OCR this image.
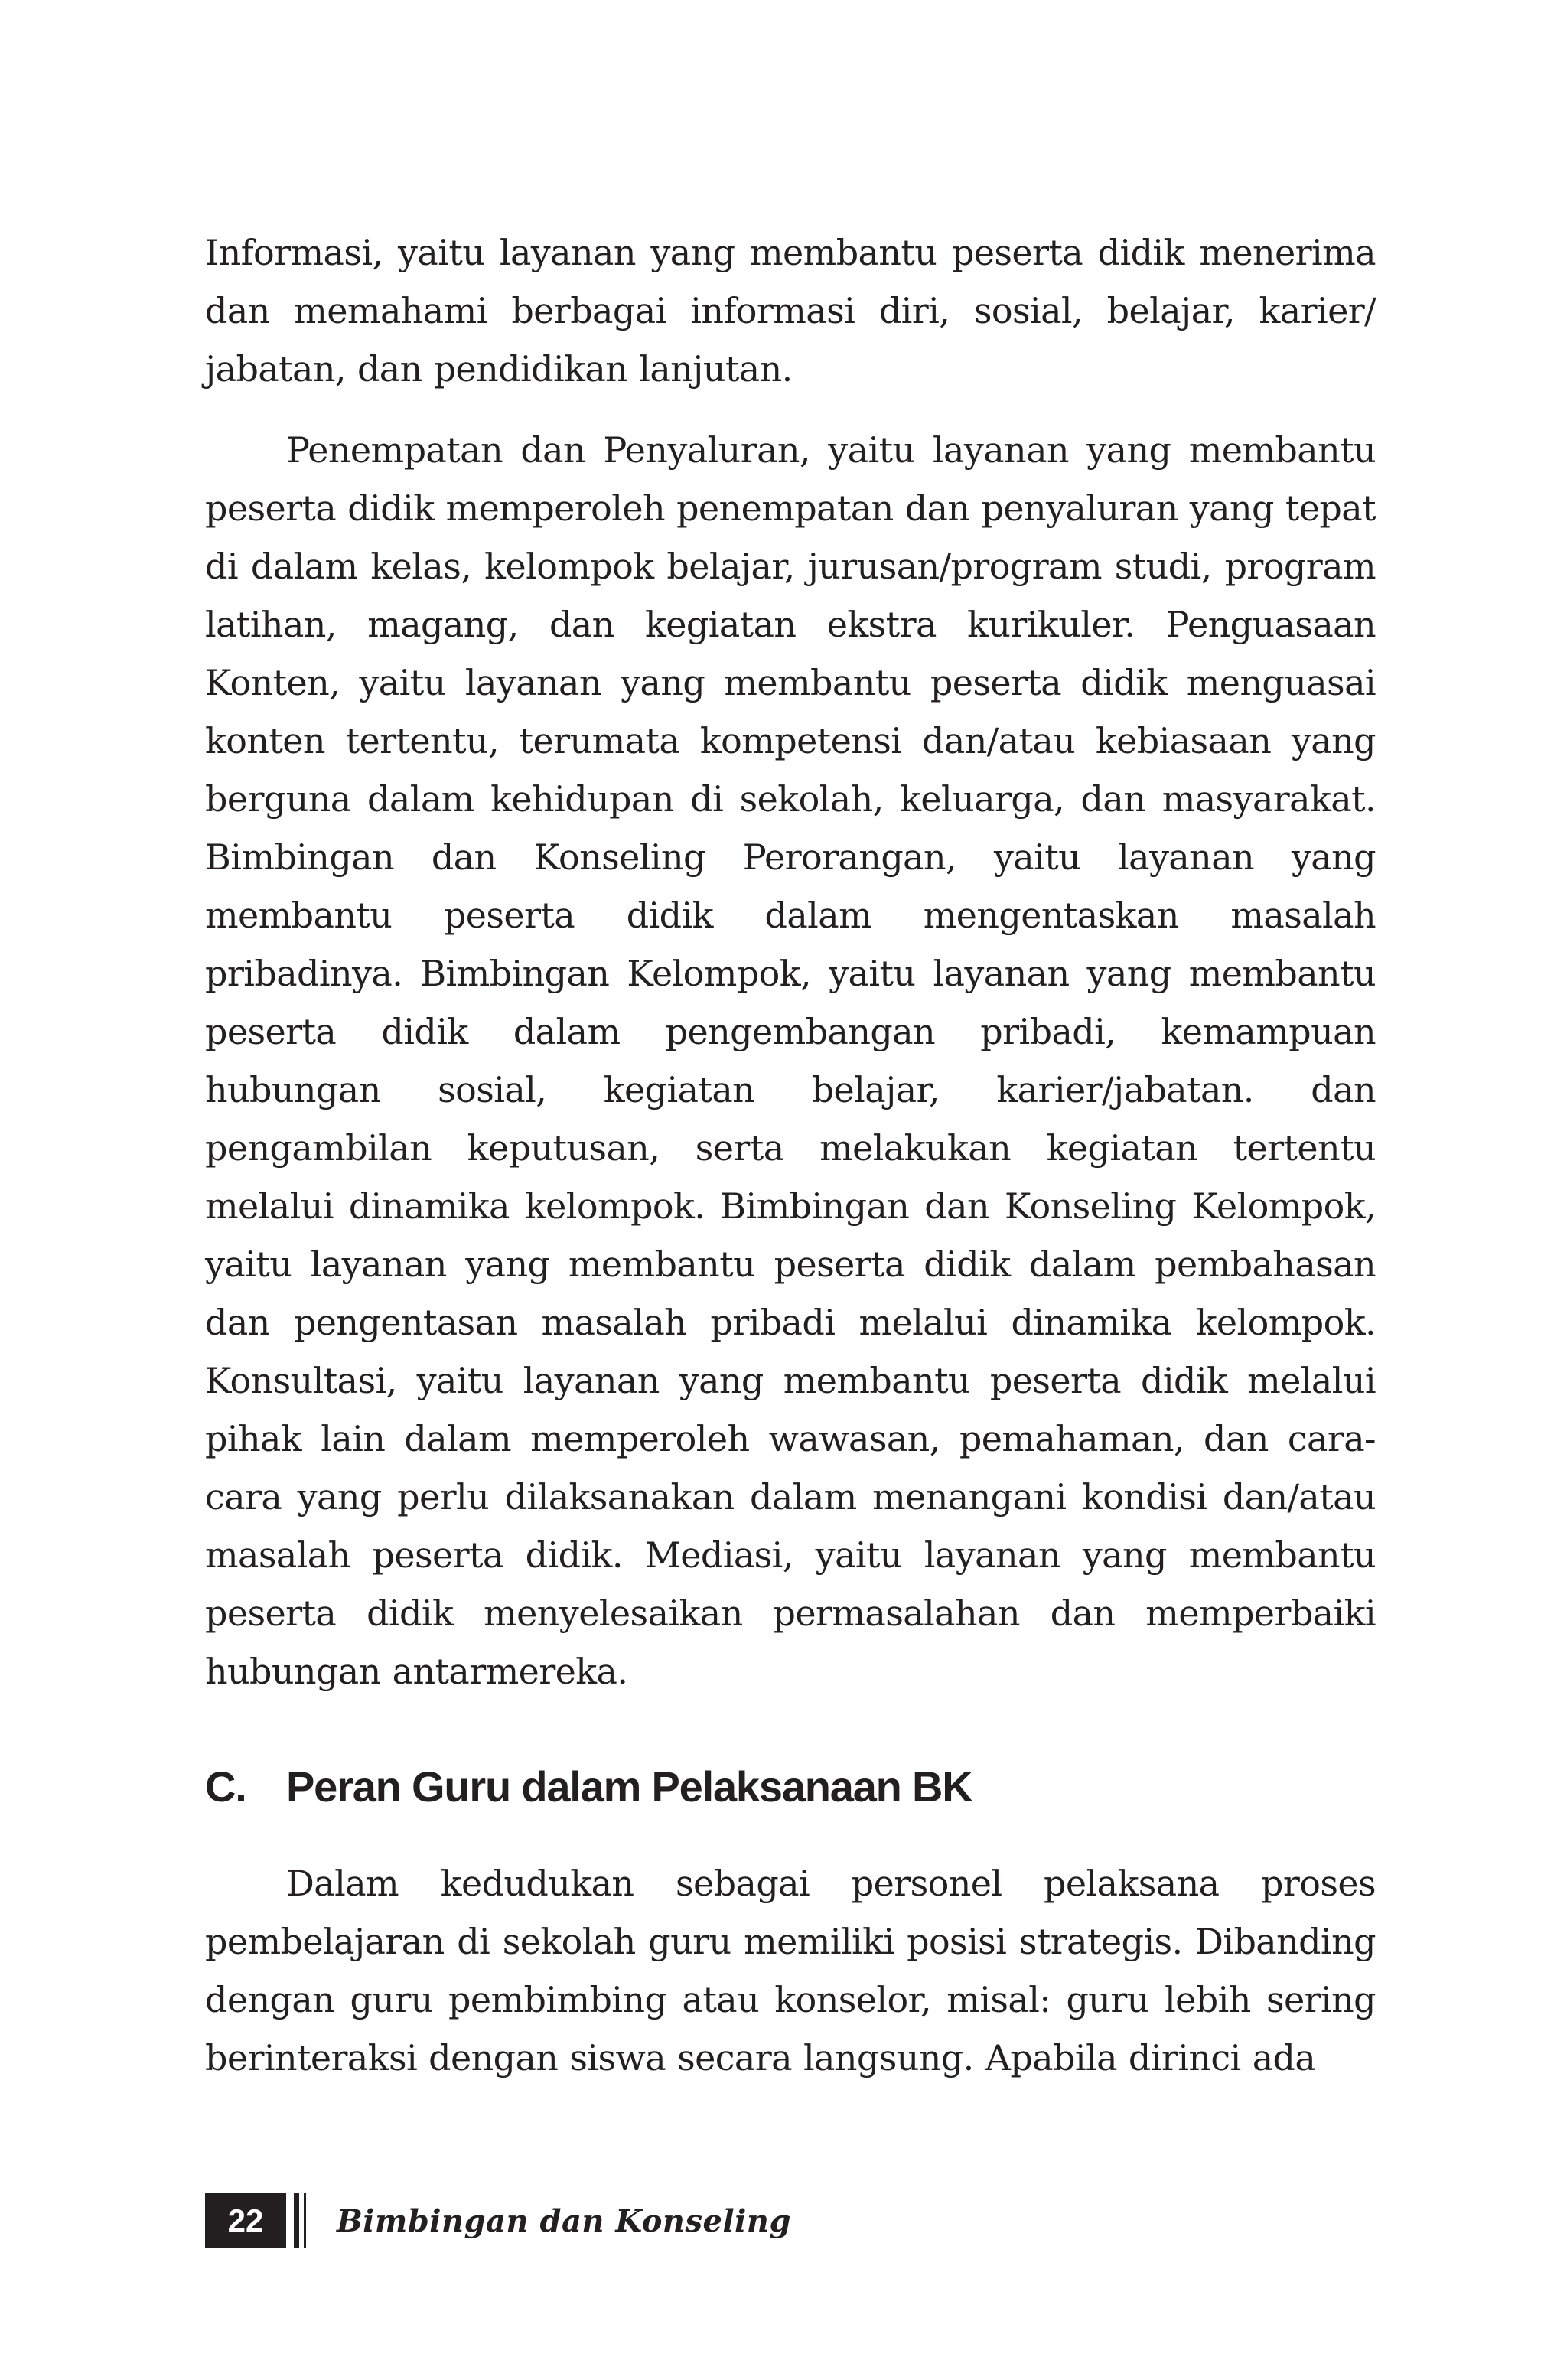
Informasi, yaitu layanan yang membantu peserta didik menerima dan memahami berbagai informasi diri, sosial, belajar, karier/ jabatan, dan pendidikan lanjutan.

Penempatan dan Penyaluran, yaitu layanan yang membantu peserta didik memperoleh penempatan dan penyaluran yang tepat di dalam kelas, kelompok belajar, jurusan/program studi, program latihan, magang, dan kegiatan ekstra kurikuler. Penguasaan Konten, yaitu layanan yang membantu peserta didik menguasai konten tertentu, terumata kompetensi dan/atau kebiasaan yang berguna dalam kehidupan di sekolah, keluarga, dan masyarakat. Bimbingan dan Konseling Perorangan, yaitu layanan yang membantu peserta didik dalam mengentaskan masalah pribadinya. Bimbingan Kelompok, yaitu layanan yang membantu peserta didik dalam pengembangan pribadi, kemampuan hubungan sosial, kegiatan belajar, karier/jabatan. dan pengambilan keputusan, serta melakukan kegiatan tertentu melalui dinamika kelompok. Bimbingan dan Konseling Kelompok, yaitu layanan yang membantu peserta didik dalam pembahasan dan pengentasan masalah pribadi melalui dinamika kelompok. Konsultasi, yaitu layanan yang membantu peserta didik melalui pihak lain dalam memperoleh wawasan, pemahaman, dan cara-cara yang perlu dilaksanakan dalam menangani kondisi dan/atau masalah peserta didik. Mediasi, yaitu layanan yang membantu peserta didik menyelesaikan permasalahan dan memperbaiki hubungan antarmereka.

C. Peran Guru dalam Pelaksanaan BK

Dalam kedudukan sebagai personel pelaksana proses pembelajaran di sekolah guru memiliki posisi strategis. Dibanding dengan guru pembimbing atau konselor, misal: guru lebih sering berinteraksi dengan siswa secara langsung. Apabila dirinci ada

22	Bimbingan dan Konseling
